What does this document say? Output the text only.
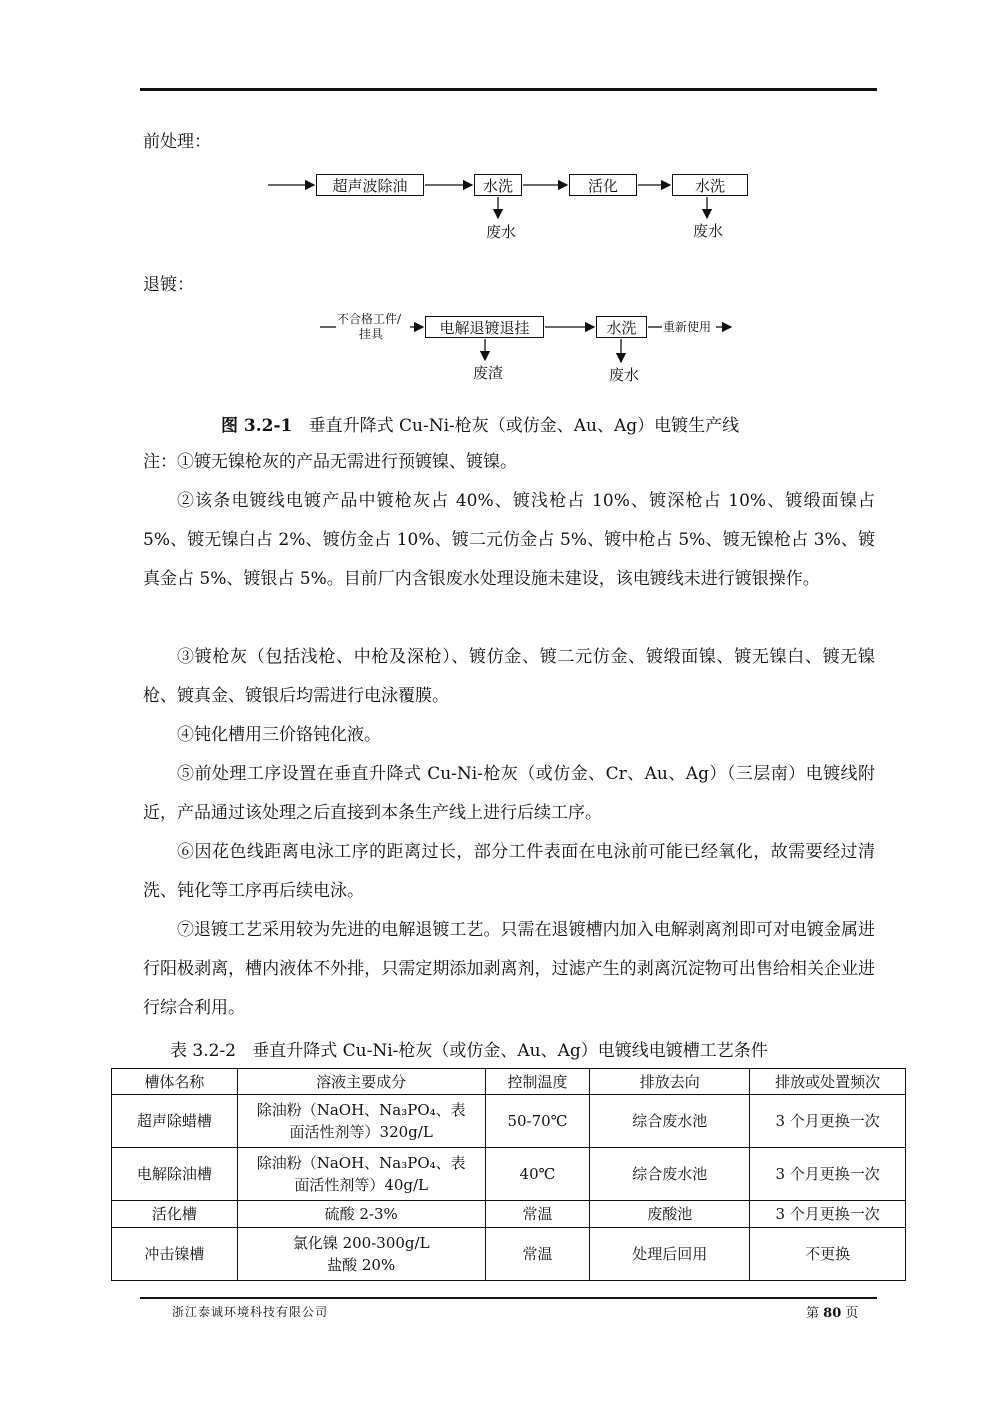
前处理：
超声波除油	水洗	活化	水洗
废水	废水
退镀：
不合格工件/
挂具	电解退镀退挂	水洗	重新使用
废渣	废水
图 3.2-1 垂直升降式 Cu-Ni-枪灰（或仿金、Au、Ag）电镀生产线
注：①镀无镍枪灰的产品无需进行预镀镍、镀镍。
②该条电镀线电镀产品中镀枪灰占 40%、镀浅枪占 10%、镀深枪占 10%、镀缎面镍占 5%、镀无镍白占 2%、镀仿金占 10%、镀二元仿金占 5%、镀中枪占 5%、镀无镍枪占 3%、镀真金占 5%、镀银占 5%。目前厂内含银废水处理设施未建设，该电镀线未进行镀银操作。
③镀枪灰（包括浅枪、中枪及深枪）、镀仿金、镀二元仿金、镀缎面镍、镀无镍白、镀无镍枪、镀真金、镀银后均需进行电泳覆膜。
④钝化槽用三价铬钝化液。
⑤前处理工序设置在垂直升降式 Cu-Ni-枪灰（或仿金、Cr、Au、Ag）（三层南）电镀线附近，产品通过该处理之后直接到本条生产线上进行后续工序。
⑥因花色线距离电泳工序的距离过长，部分工件表面在电泳前可能已经氧化，故需要经过清洗、钝化等工序再后续电泳。
⑦退镀工艺采用较为先进的电解退镀工艺。只需在退镀槽内加入电解剥离剂即可对电镀金属进行阳极剥离，槽内液体不外排，只需定期添加剥离剂，过滤产生的剥离沉淀物可出售给相关企业进行综合利用。
表 3.2-2 垂直升降式 Cu-Ni-枪灰（或仿金、Au、Ag）电镀线电镀槽工艺条件
槽体名称	溶液主要成分	控制温度	排放去向	排放或处置频次
超声除蜡槽	除油粉（NaOH、Na₃PO₄、表
面活性剂等）320g/L	50-70℃	综合废水池	3 个月更换一次
电解除油槽	除油粉（NaOH、Na₃PO₄、表
面活性剂等）40g/L	40℃	综合废水池	3 个月更换一次
活化槽	硫酸 2-3%	常温	废酸池	3 个月更换一次
冲击镍槽	氯化镍 200-300g/L
盐酸 20%	常温	处理后回用	不更换
浙江泰诚环境科技有限公司	第 80 页
